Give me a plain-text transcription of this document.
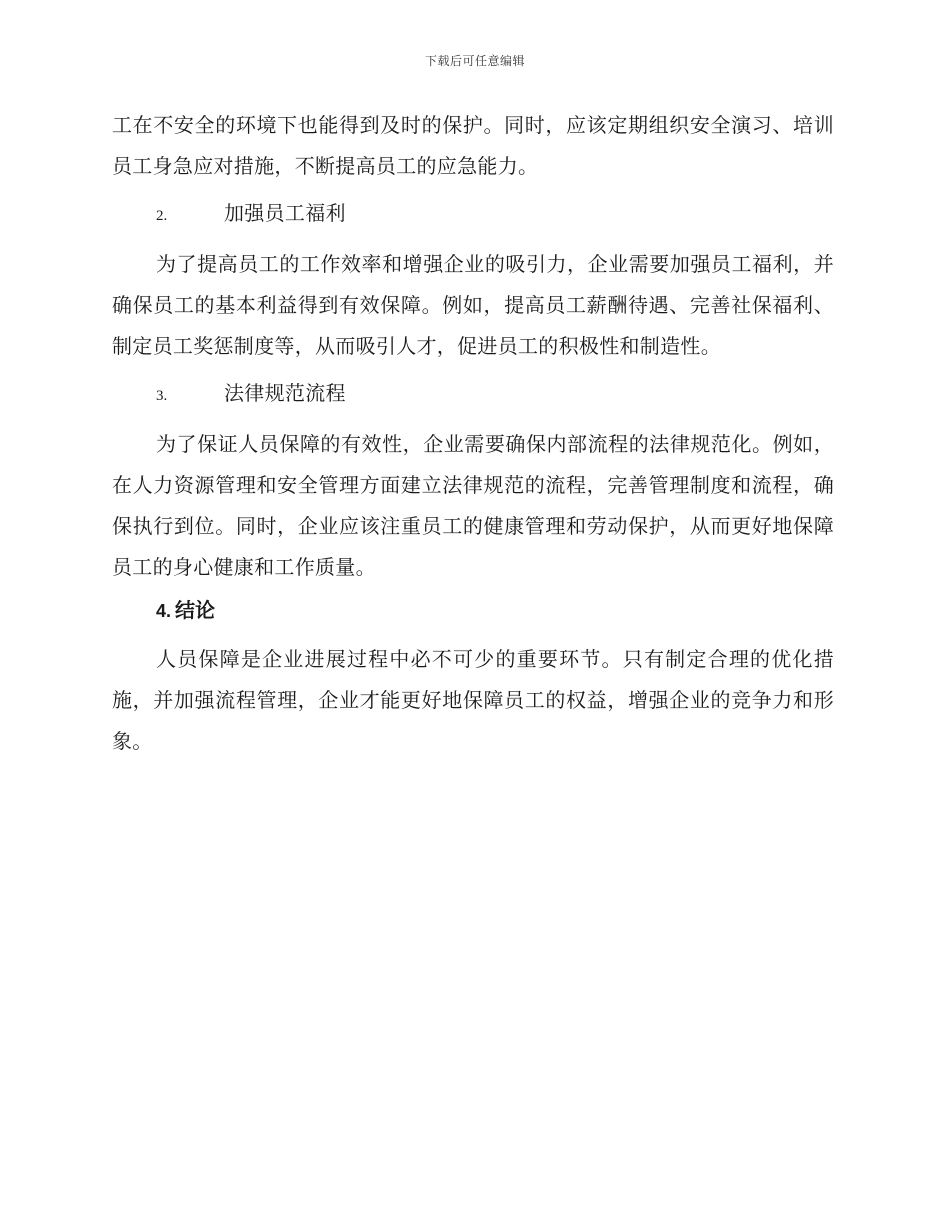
下载后可任意编辑

工在不安全的环境下也能得到及时的保护。同时，应该定期组织安全演习、培训员工身急应对措施，不断提高员工的应急能力。

2.	加强员工福利

为了提高员工的工作效率和增强企业的吸引力，企业需要加强员工福利，并确保员工的基本利益得到有效保障。例如，提高员工薪酬待遇、完善社保福利、制定员工奖惩制度等，从而吸引人才，促进员工的积极性和制造性。

3.	法律规范流程

为了保证人员保障的有效性，企业需要确保内部流程的法律规范化。例如，在人力资源管理和安全管理方面建立法律规范的流程，完善管理制度和流程，确保执行到位。同时，企业应该注重员工的健康管理和劳动保护，从而更好地保障员工的身心健康和工作质量。

4. 结论

人员保障是企业进展过程中必不可少的重要环节。只有制定合理的优化措施，并加强流程管理，企业才能更好地保障员工的权益，增强企业的竞争力和形象。
